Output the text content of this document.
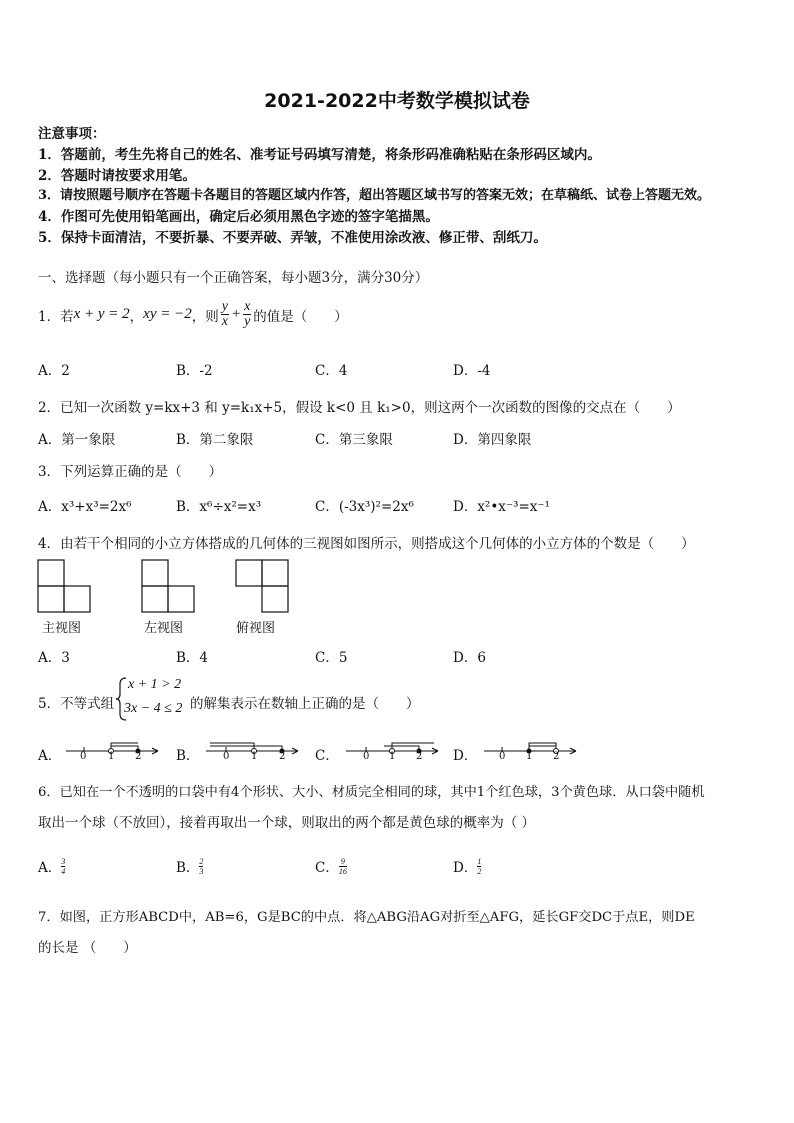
2021-2022中考数学模拟试卷
注意事项：
1．答题前，考生先将自己的姓名、准考证号码填写清楚，将条形码准确粘贴在条形码区域内。
2．答题时请按要求用笔。
3．请按照题号顺序在答题卡各题目的答题区域内作答，超出答题区域书写的答案无效；在草稿纸、试卷上答题无效。
4．作图可先使用铅笔画出，确定后必须用黑色字迹的签字笔描黑。
5．保持卡面清洁，不要折暴、不要弄破、弄皱，不准使用涂改液、修正带、刮纸刀。
一、选择题（每小题只有一个正确答案，每小题3分，满分30分）
1．若 x + y = 2 ， xy = −2 ，则 $\frac{y}{x} + \frac{x}{y}$ 的值是（　　）
A．2	B．-2	C．4	D．-4
2．已知一次函数 y=kx+3 和 y=k₁x+5，假设 k<0 且 k₁>0，则这两个一次函数的图像的交点在（　　）
A．第一象限	B．第二象限	C．第三象限	D．第四象限
3．下列运算正确的是（　　）
A．x³+x³=2x⁶	B．x⁶÷x²=x³	C．(-3x³)²=2x⁶	D．x²•x⁻³=x⁻¹
4．由若干个相同的小立方体搭成的几何体的三视图如图所示，则搭成这个几何体的小立方体的个数是（　　）
主视图	左视图	俯视图
A．3	B．4	C．5	D．6
5．不等式组
x + 1 > 2
3x − 4 ≤ 2 的解集表示在数轴上正确的是（　　）
A．	B．	C．	D．
0 1 2	0 1 2	0 1 2	0 1 2
6．已知在一个不透明的口袋中有4个形状、大小、材质完全相同的球，其中1个红色球，3个黄色球．从口袋中随机
取出一个球（不放回），接着再取出一个球，则取出的两个都是黄色球的概率为（ ）
A． $\frac{3}{4}$	B． $\frac{2}{3}$	C． $\frac{9}{16}$	D． $\frac{1}{2}$
7．如图，正方形ABCD中，AB=6，G是BC的中点．将△ABG沿AG对折至△AFG，延长GF交DC于点E，则DE
的长是 （　　）
